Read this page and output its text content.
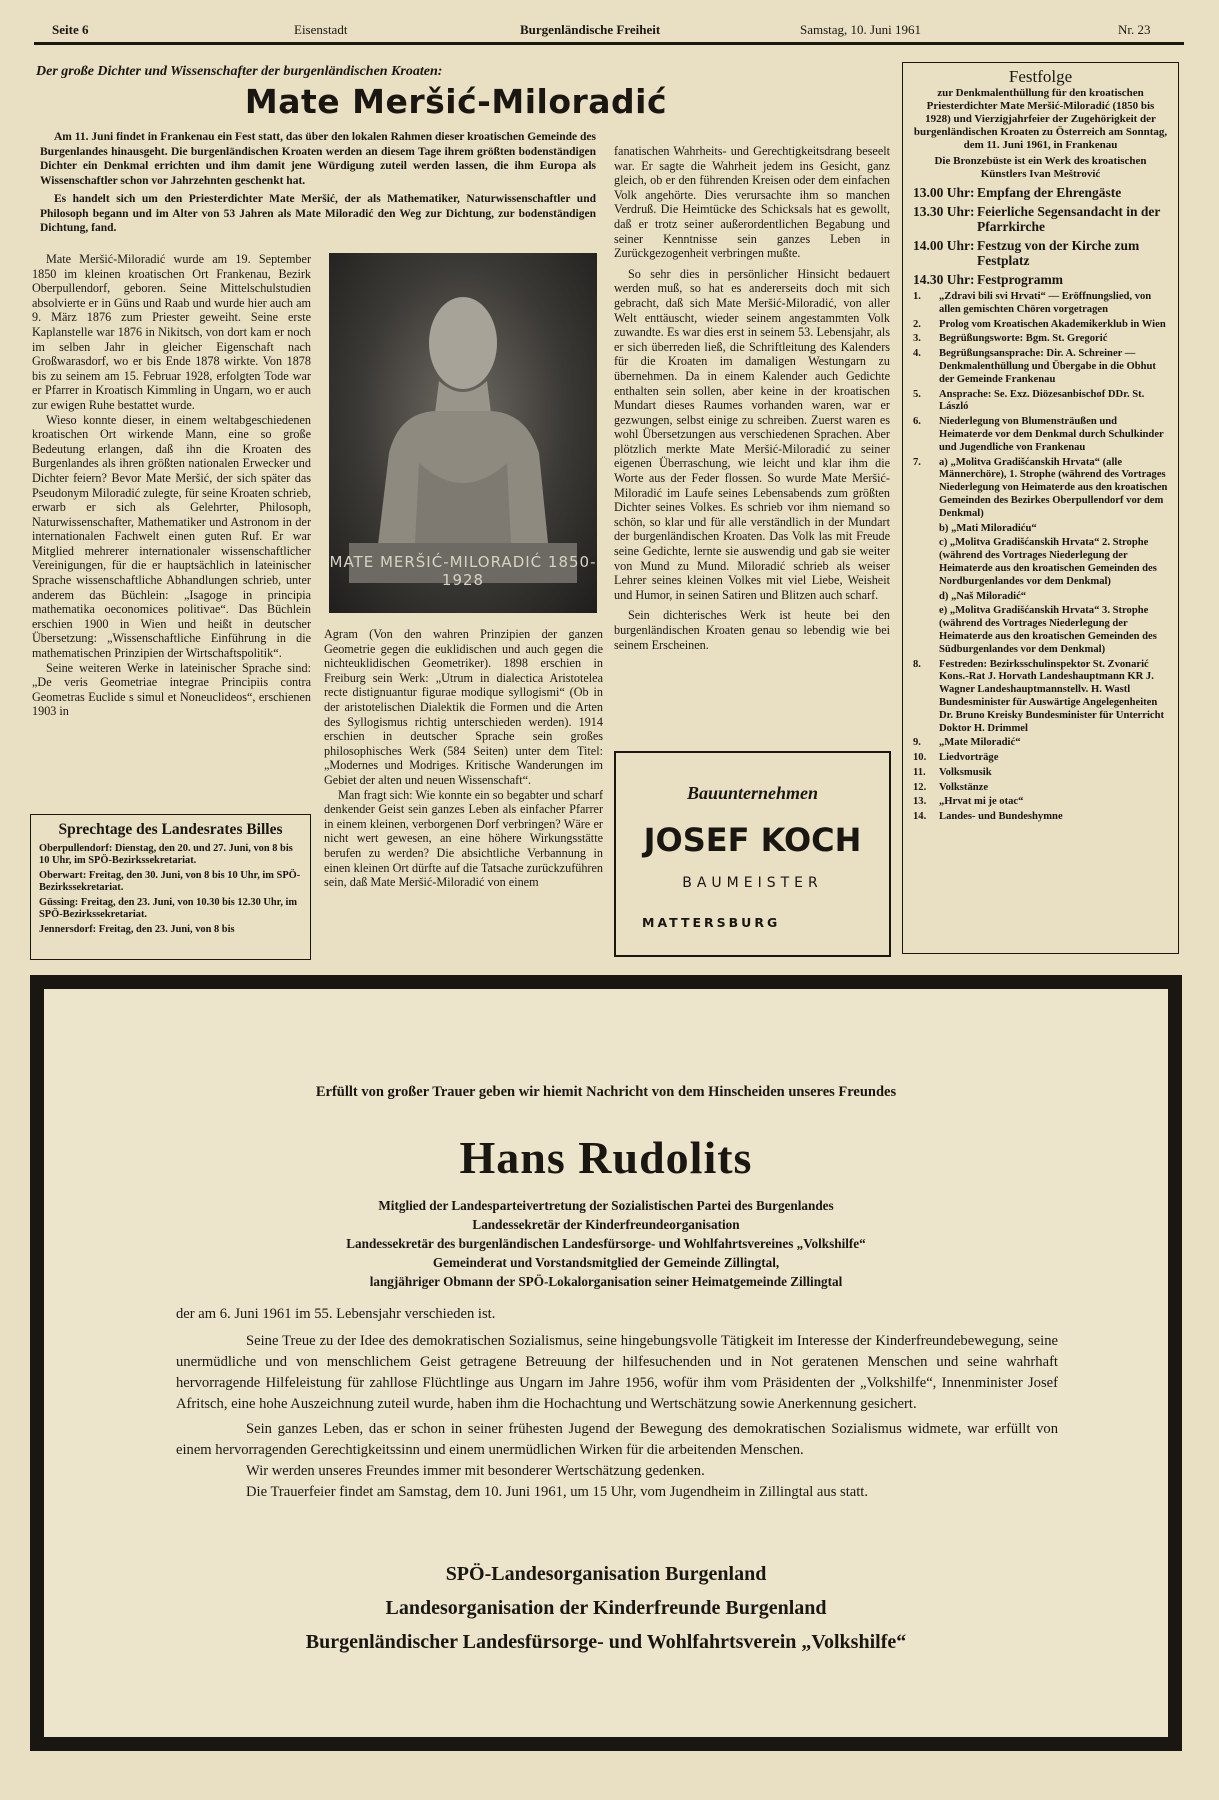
Seite 6	Eisenstadt	Burgenländische Freiheit	Samstag, 10. Juni 1961	Nr. 23
Der große Dichter und Wissenschafter der burgenländischen Kroaten:
Mate Meršić-Miloradić

Am 11. Juni findet in Frankenau ein Fest statt, das über den lokalen Rahmen dieser kroatischen Gemeinde des Burgenlandes hinausgeht. Die burgenländischen Kroaten werden an diesem Tage ihrem größten bodenständigen Dichter ein Denkmal errichten und ihm damit jene Würdigung zuteil werden lassen, die ihm Europa als Wissenschaftler schon vor Jahrzehnten geschenkt hat.

Es handelt sich um den Priesterdichter Mate Meršić, der als Mathematiker, Naturwissenschaftler und Philosoph begann und im Alter von 53 Jahren als Mate Miloradić den Weg zur Dichtung, zur bodenständigen Dichtung, fand.

Mate Meršić-Miloradić wurde am 19. September 1850 im kleinen kroatischen Ort Frankenau, Bezirk Oberpullendorf, geboren. Seine Mittelschulstudien absolvierte er in Güns und Raab und wurde hier auch am 9. März 1876 zum Priester geweiht. Seine erste Kaplanstelle war 1876 in Nikitsch, von dort kam er noch im selben Jahr in gleicher Eigenschaft nach Großwarasdorf, wo er bis Ende 1878 wirkte. Von 1878 bis zu seinem am 15. Februar 1928, erfolgten Tode war er Pfarrer in Kroatisch Kimmling in Ungarn, wo er auch zur ewigen Ruhe bestattet wurde.

Wieso konnte dieser, in einem weltabgeschiedenen kroatischen Ort wirkende Mann, eine so große Bedeutung erlangen, daß ihn die Kroaten des Burgenlandes als ihren größten nationalen Erwecker und Dichter feiern? Bevor Mate Meršić, der sich später das Pseudonym Miloradić zulegte, für seine Kroaten schrieb, erwarb er sich als Gelehrter, Philosoph, Naturwissenschafter, Mathematiker und Astronom in der internationalen Fachwelt einen guten Ruf. Er war Mitglied mehrerer internationaler wissenschaftlicher Vereinigungen, für die er hauptsächlich in lateinischer Sprache wissenschaftliche Abhandlungen schrieb, unter anderem das Büchlein: „Isagoge in principia mathematika oeconomices politivae“. Das Büchlein erschien 1900 in Wien und heißt in deutscher Übersetzung: „Wissenschaftliche Einführung in die mathematischen Prinzipien der Wirtschaftspolitik“.

Seine weiteren Werke in lateinischer Sprache sind: „De veris Geometriae integrae Principiis contra Geometras Euclide s simul et Noneuclideos“, erschienen 1903 in

MATE MERŠIĆ-MILORADIĆ 1850-1928

Agram (Von den wahren Prinzipien der ganzen Geometrie gegen die euklidischen und auch gegen die nichteuklidischen Geometriker). 1898 erschien in Freiburg sein Werk: „Utrum in dialectica Aristotelea recte distignuantur figurae modique syllogismi“ (Ob in der aristotelischen Dialektik die Formen und die Arten des Syllogismus richtig unterschieden werden). 1914 erschien in deutscher Sprache sein großes philosophisches Werk (584 Seiten) unter dem Titel: „Modernes und Modriges. Kritische Wanderungen im Gebiet der alten und neuen Wissenschaft“.

Man fragt sich: Wie konnte ein so begabter und scharf denkender Geist sein ganzes Leben als einfacher Pfarrer in einem kleinen, verborgenen Dorf verbringen? Wäre er nicht wert gewesen, an eine höhere Wirkungsstätte berufen zu werden? Die absichtliche Verbannung in einen kleinen Ort dürfte auf die Tatsache zurückzuführen sein, daß Mate Meršić-Miloradić von einem

fanatischen Wahrheits- und Gerechtigkeitsdrang beseelt war. Er sagte die Wahrheit jedem ins Gesicht, ganz gleich, ob er den führenden Kreisen oder dem einfachen Volk angehörte. Dies verursachte ihm so manchen Verdruß. Die Heimtücke des Schicksals hat es gewollt, daß er trotz seiner außerordentlichen Begabung und seiner Kenntnisse sein ganzes Leben in Zurückgezogenheit verbringen mußte.

So sehr dies in persönlicher Hinsicht bedauert werden muß, so hat es andererseits doch mit sich gebracht, daß sich Mate Meršić-Miloradić, von aller Welt enttäuscht, wieder seinem angestammten Volk zuwandte. Es war dies erst in seinem 53. Lebensjahr, als er sich überreden ließ, die Schriftleitung des Kalenders für die Kroaten im damaligen Westungarn zu übernehmen. Da in einem Kalender auch Gedichte enthalten sein sollen, aber keine in der kroatischen Mundart dieses Raumes vorhanden waren, war er gezwungen, selbst einige zu schreiben. Zuerst waren es wohl Übersetzungen aus verschiedenen Sprachen. Aber plötzlich merkte Mate Meršić-Miloradić zu seiner eigenen Überraschung, wie leicht und klar ihm die Worte aus der Feder flossen. So wurde Mate Meršić-Miloradić im Laufe seines Lebensabends zum größten Dichter seines Volkes. Es schrieb vor ihm niemand so schön, so klar und für alle verständlich in der Mundart der burgenländischen Kroaten. Das Volk las mit Freude seine Gedichte, lernte sie auswendig und gab sie weiter von Mund zu Mund. Miloradić schrieb als weiser Lehrer seines kleinen Volkes mit viel Liebe, Weisheit und Humor, in seinen Satiren und Blitzen auch scharf.

Sein dichterisches Werk ist heute bei den burgenländischen Kroaten genau so lebendig wie bei seinem Erscheinen.

Sprechtage des Landesrates Billes
Oberpullendorf: Dienstag, den 20. und 27. Juni, von 8 bis 10 Uhr, im SPÖ-Bezirkssekretariat.
Oberwart: Freitag, den 30. Juni, von 8 bis 10 Uhr, im SPÖ-Bezirkssekretariat.
Güssing: Freitag, den 23. Juni, von 10.30 bis 12.30 Uhr, im SPÖ-Bezirkssekretariat.
Jennersdorf: Freitag, den 23. Juni, von 8 bis
Bauunternehmen
JOSEF KOCH
BAUMEISTER
MATTERSBURG
Festfolge
zur Denkmalenthüllung für den kroatischen Priesterdichter Mate Meršić-Miloradić (1850 bis 1928) und Vierzigjahrfeier der Zugehörigkeit der burgenländischen Kroaten zu Österreich am Sonntag, dem 11. Juni 1961, in Frankenau
Die Bronzebüste ist ein Werk des kroatischen Künstlers Ivan Meštrović
13.00 Uhr: Empfang der Ehrengäste
13.30 Uhr: Feierliche Segensandacht in der Pfarrkirche
14.00 Uhr: Festzug von der Kirche zum Festplatz
14.30 Uhr: Festprogramm
1.	„Zdravi bili svi Hrvati“ — Eröffnungslied, von allen gemischten Chören vorgetragen
2.	Prolog vom Kroatischen Akademikerklub in Wien
3.	Begrüßungsworte: Bgm. St. Gregorić
4.	Begrüßungsansprache: Dir. A. Schreiner — Denkmalenthüllung und Übergabe in die Obhut der Gemeinde Frankenau
5.	Ansprache: Se. Exz. Diözesanbischof DDr. St. László
6.	Niederlegung von Blumensträußen und Heimaterde vor dem Denkmal durch Schulkinder und Jugendliche von Frankenau
7.	a) „Molitva Gradišćanskih Hrvata“ (alle Männerchöre), 1. Strophe (während des Vortrages Niederlegung von Heimaterde aus den kroatischen Gemeinden des Bezirkes Oberpullendorf vor dem Denkmal)
b) „Mati Miloradiću“
c) „Molitva Gradišćanskih Hrvata“ 2. Strophe (während des Vortrages Niederlegung der Heimaterde aus den kroatischen Gemeinden des Nordburgenlandes vor dem Denkmal)
d) „Naš Miloradić“
e) „Molitva Gradišćanskih Hrvata“ 3. Strophe (während des Vortrages Niederlegung der Heimaterde aus den kroatischen Gemeinden des Südburgenlandes vor dem Denkmal)
8.	Festreden: Bezirksschulinspektor St. Zvonarić Kons.-Rat J. Horvath Landeshauptmann KR J. Wagner Landeshauptmannstellv. H. Wastl Bundesminister für Auswärtige Angelegenheiten Dr. Bruno Kreisky Bundesminister für Unterricht Doktor H. Drimmel
9.	„Mate Miloradić“
10.	Liedvorträge
11.	Volksmusik
12.	Volkstänze
13.	„Hrvat mi je otac“
14.	Landes- und Bundeshymne
Erfüllt von großer Trauer geben wir hiemit Nachricht von dem Hinscheiden unseres Freundes
Hans Rudolits
Mitglied der Landesparteivertretung der Sozialistischen Partei des Burgenlandes
Landessekretär der Kinderfreundeorganisation
Landessekretär des burgenländischen Landesfürsorge- und Wohlfahrtsvereines „Volkshilfe“
Gemeinderat und Vorstandsmitglied der Gemeinde Zillingtal,
langjähriger Obmann der SPÖ-Lokalorganisation seiner Heimatgemeinde Zillingtal
der am 6. Juni 1961 im 55. Lebensjahr verschieden ist.

Seine Treue zu der Idee des demokratischen Sozialismus, seine hingebungsvolle Tätigkeit im Interesse der Kinderfreundebewegung, seine unermüdliche und von menschlichem Geist getragene Betreuung der hilfesuchenden und in Not geratenen Menschen und seine wahrhaft hervorragende Hilfeleistung für zahllose Flüchtlinge aus Ungarn im Jahre 1956, wofür ihm vom Präsidenten der „Volkshilfe“, Innenminister Josef Afritsch, eine hohe Auszeichnung zuteil wurde, haben ihm die Hochachtung und Wertschätzung sowie Anerkennung gesichert.

Sein ganzes Leben, das er schon in seiner frühesten Jugend der Bewegung des demokratischen Sozialismus widmete, war erfüllt von einem hervorragenden Gerechtigkeitssinn und einem unermüdlichen Wirken für die arbeitenden Menschen.

Wir werden unseres Freundes immer mit besonderer Wertschätzung gedenken.

Die Trauerfeier findet am Samstag, dem 10. Juni 1961, um 15 Uhr, vom Jugendheim in Zillingtal aus statt.

SPÖ-Landesorganisation Burgenland
Landesorganisation der Kinderfreunde Burgenland
Burgenländischer Landesfürsorge- und Wohlfahrtsverein „Volkshilfe“
